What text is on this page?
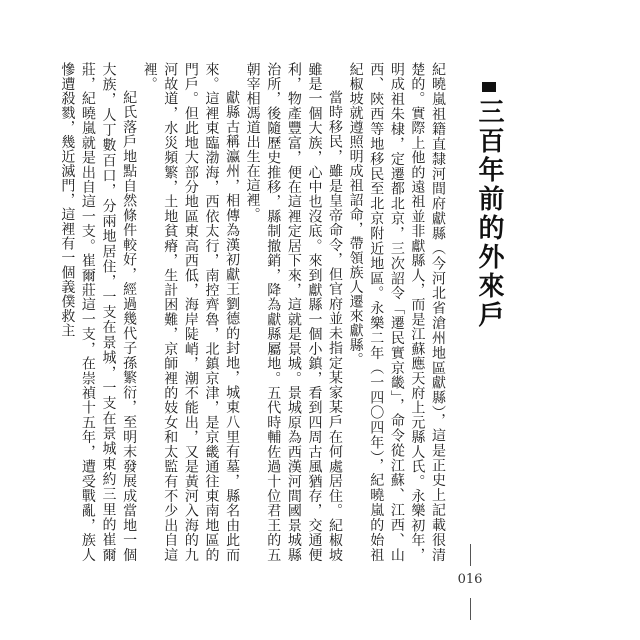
三百年前的外來戶

紀曉嵐祖籍直隸河間府獻縣（今河北省滄州地區獻縣），這是正史上記載很清楚的。實際上他的遠祖並非獻縣人，而是江蘇應天府上元縣人氏。永樂初年，明成祖朱棣，定遷都北京，三次詔令「遷民實京畿」，命令從江蘇、江西、山西、陝西等地移民至北京附近地區。永樂二年（一四〇四年），紀曉嵐的始祖紀椒坡就遵照明成祖詔命，帶領族人遷來獻縣。

當時移民，雖是皇帝命令，但官府並未指定某家某戶在何處居住。紀椒坡雖是一個大族，心中也沒底。來到獻縣一個小鎮，看到四周古風猶存，交通便利，物產豐富，便在這裡定居下來，這就是景城。景城原為西漢河間國景城縣治所，後隨歷史推移，縣制撤銷，降為獻縣屬地。五代時輔佐過十位君王的五朝宰相馮道出生在這裡。

獻縣古稱瀛州，相傳為漢初獻王劉德的封地，城東八里有墓，縣名由此而來。這裡東臨渤海，西依太行，南控齊魯，北鎮京津，是京畿通往東南地區的門戶。但此地大部分地區東高西低，海岸陡峭，潮不能出，又是黃河入海的九河故道，水災頻繁，土地貧瘠，生計困難，京師裡的妓女和太監有不少出自這裡。

紀氏落戶地點自然條件較好，經過幾代子孫繁衍，至明末發展成當地一個大族，人丁數百口，分兩地居住，一支在景城，一支在景城東約三里的崔爾莊，紀曉嵐就是出自這一支。崔爾莊這一支，在崇禎十五年，遭受戰亂，族人慘遭殺戮，幾近滅門，這裡有一個義僕救主

016
